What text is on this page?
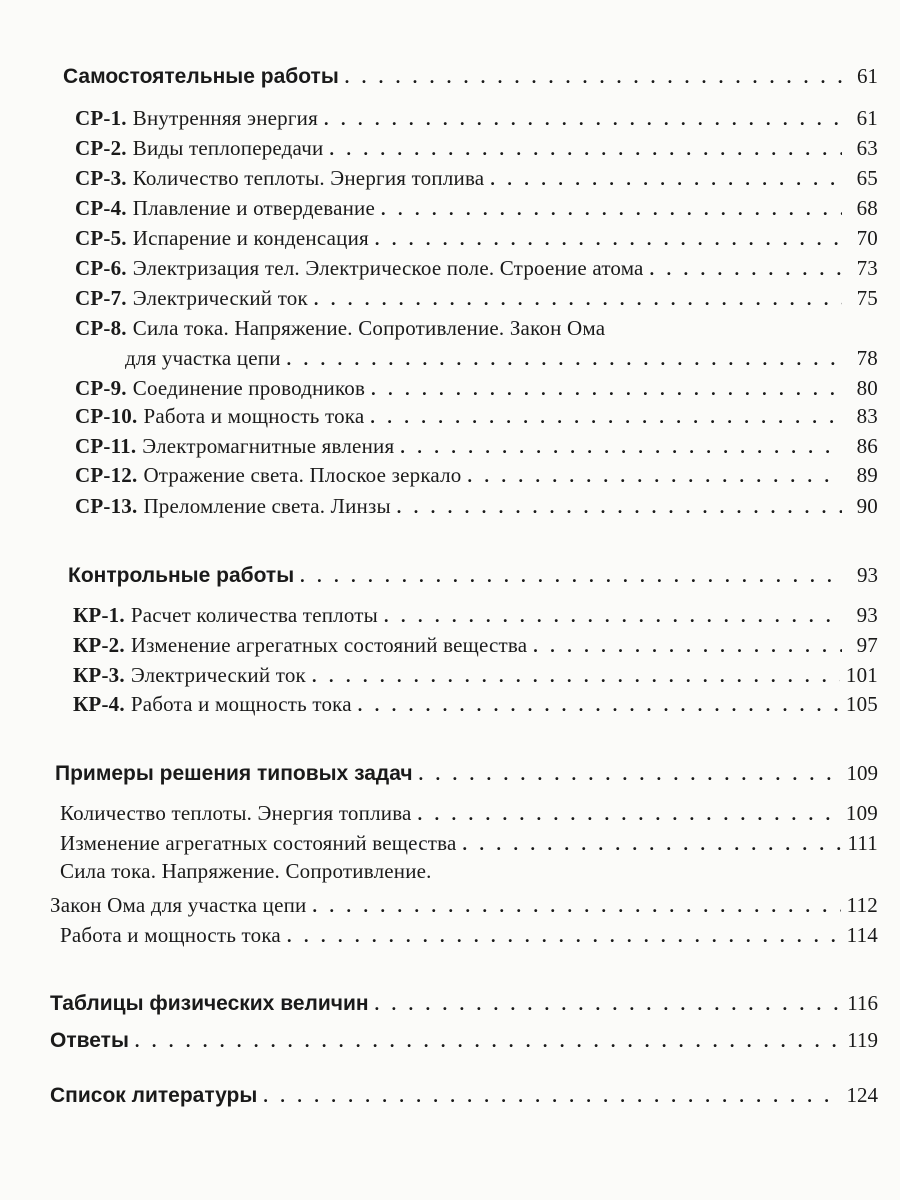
Самостоятельные работы . . .	61
СР-1. Внутренняя энергия . . .	61
СР-2. Виды теплопередачи . . .	63
СР-3. Количество теплоты. Энергия топлива . . .	65
СР-4. Плавление и отвердевание . . .	68
СР-5. Испарение и конденсация . . .	70
СР-6. Электризация тел. Электрическое поле. Строение атома . . .	73
СР-7. Электрический ток . . .	75
СР-8. Сила тока. Напряжение. Сопротивление. Закон Ома
для участка цепи . . .	78
СР-9. Соединение проводников . . .	80
СР-10. Работа и мощность тока . . .	83
СР-11. Электромагнитные явления . . .	86
СР-12. Отражение света. Плоское зеркало . . .	89
СР-13. Преломление света. Линзы . . .	90
Контрольные работы . . .	93
КР-1. Расчет количества теплоты . . .	93
КР-2. Изменение агрегатных состояний вещества . . .	97
КР-3. Электрический ток . . .	101
КР-4. Работа и мощность тока . . .	105
Примеры решения типовых задач . . .	109
Количество теплоты. Энергия топлива . . .	109
Изменение агрегатных состояний вещества . . .	111
Сила тока. Напряжение. Сопротивление.
Закон Ома для участка цепи . . .	112
Работа и мощность тока . . .	114
Таблицы физических величин . . .	116
Ответы . . .	119
Список литературы . . .	124
